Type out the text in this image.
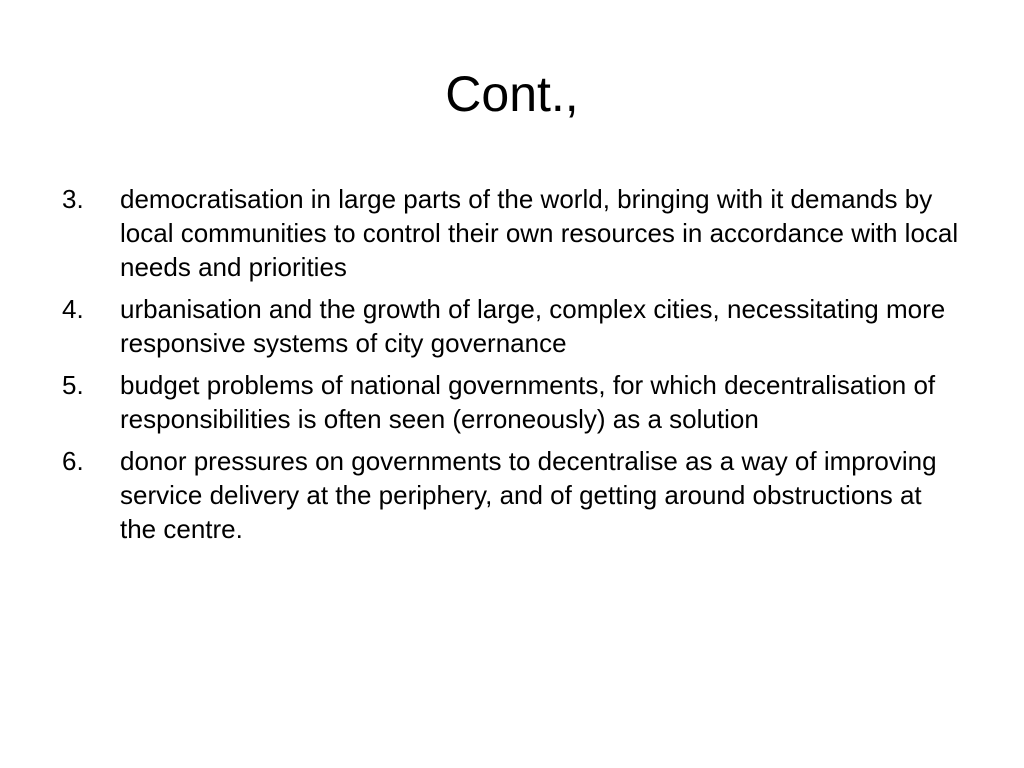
Cont.,
3.	democratisation in large parts of the world, bringing with it demands by local communities to control their own resources in accordance with local needs and priorities
4.	urbanisation and the growth of large, complex cities, necessitating more responsive systems of city governance
5.	budget problems of national governments, for which decentralisation of responsibilities is often seen (erroneously) as a solution
6.	donor pressures on governments to decentralise as a way of improving service delivery at the periphery, and of getting around obstructions at the centre.
